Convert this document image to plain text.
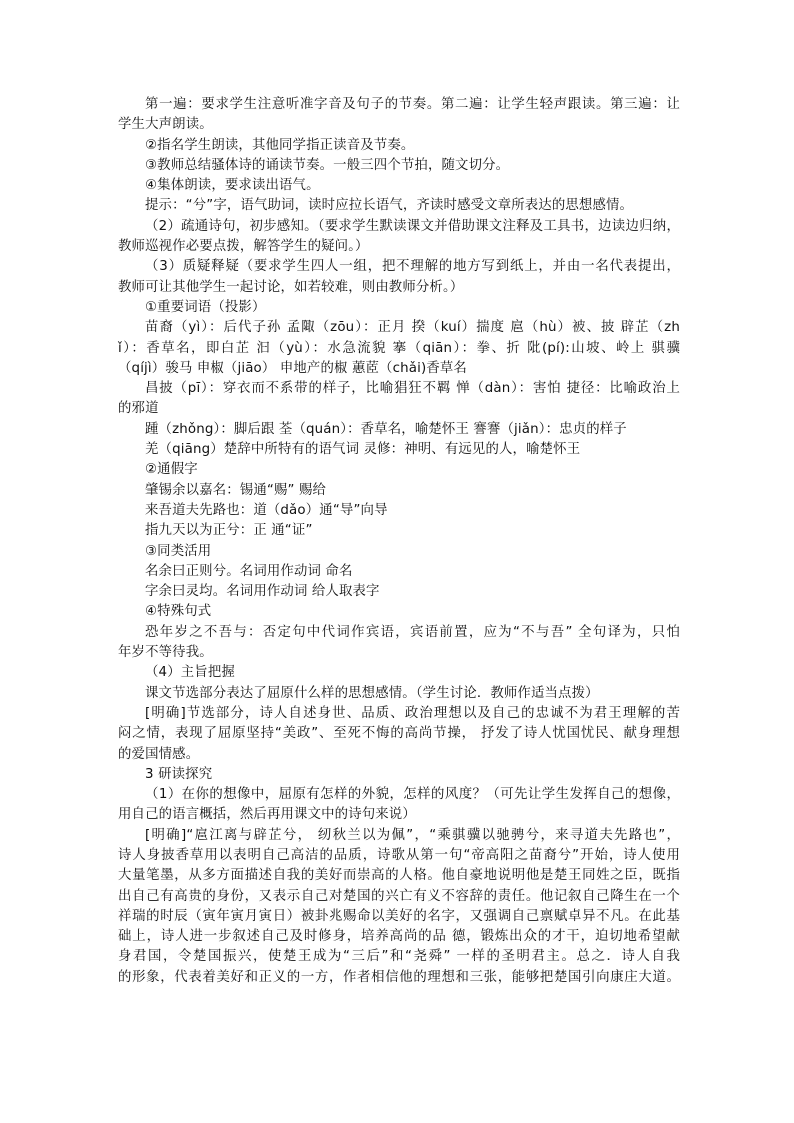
第一遍：要求学生注意听准字音及句子的节奏。第二遍：让学生轻声跟读。第三遍：让
学生大声朗读。
②指名学生朗读，其他同学指正读音及节奏。
③教师总结骚体诗的诵读节奏。一般三四个节拍，随文切分。
④集体朗读，要求读出语气。
提示：“兮”字，语气助词，读时应拉长语气，齐读时感受文章所表达的思想感情。
（2）疏通诗句，初步感知。（要求学生默读课文并借助课文注释及工具书，边读边归纳，
教师巡视作必要点拨，解答学生的疑问。）
（3）质疑释疑（要求学生四人一组，把不理解的地方写到纸上，并由一名代表提出，
教师可让其他学生一起讨论，如若较难，则由教师分析。）
①重要词语（投影）
苗裔（yì）：后代子孙 孟陬（zōu）：正月 揆（kuí）揣度 扈（hù）被、披 辟芷（zh
ǐ）：香草名，即白芷 汩（yù）：水急流貌 搴（qiān）：拳、折 阰(pí):山坡、岭上 骐骥
（qíjì）骏马 申椒（jiāo） 申地产的椒 蕙茝（chǎi)香草名
昌披（pī）：穿衣而不系带的样子，比喻猖狂不羁 惮（dàn）：害怕 捷径：比喻政治上
的邪道
踵（zhǒng）：脚后跟 荃（quán）：香草名，喻楚怀王 謇謇（jiǎn）：忠贞的样子
羌（qiāng）楚辞中所特有的语气词 灵修：神明、有远见的人，喻楚怀王
②通假字
肇锡余以嘉名：锡通“赐” 赐给
来吾道夫先路也：道（dǎo）通“导”向导
指九天以为正兮：正 通“证”
③同类活用
名余曰正则兮。名词用作动词 命名
字余曰灵均。名词用作动词 给人取表字
④特殊句式
恐年岁之不吾与：否定句中代词作宾语，宾语前置，应为“不与吾” 全句译为，只怕
年岁不等待我。
（4）主旨把握
课文节选部分表达了屈原什么样的思想感情。（学生讨论．教师作适当点拨）
[明确]节选部分，诗人自述身世、品质、政治理想以及自己的忠诚不为君王理解的苦
闷之情，表现了屈原坚持“美政”、至死不悔的高尚节操， 抒发了诗人忧国忧民、献身理想
的爱国情感。
3 研读探究
（1）在你的想像中，屈原有怎样的外貌，怎样的风度？（可先让学生发挥自己的想像，
用自己的语言概括，然后再用课文中的诗句来说）
[明确]“扈江离与辟芷兮， 纫秋兰以为佩”，“乘骐骥以驰骋兮，来寻道夫先路也”，
诗人身披香草用以表明自己高洁的品质，诗歌从第一句“帝高阳之苗裔兮”开始，诗人使用
大量笔墨，从多方面描述自我的美好而崇高的人格。他自豪地说明他是楚王同姓之臣，既指
出自己有高贵的身份，又表示自己对楚国的兴亡有义不容辞的责任。他记叙自己降生在一个
祥瑞的时辰（寅年寅月寅日）被卦兆赐命以美好的名字，又强调自己禀赋卓异不凡。在此基
础上，诗人进一步叙述自己及时修身，培养高尚的品 德，锻炼出众的才干，迫切地希望献
身君国，令楚国振兴，使楚王成为“三后”和“尧舜” 一样的圣明君主。总之．诗人自我
的形象，代表着美好和正义的一方，作者相信他的理想和三张，能够把楚国引向康庄大道。
